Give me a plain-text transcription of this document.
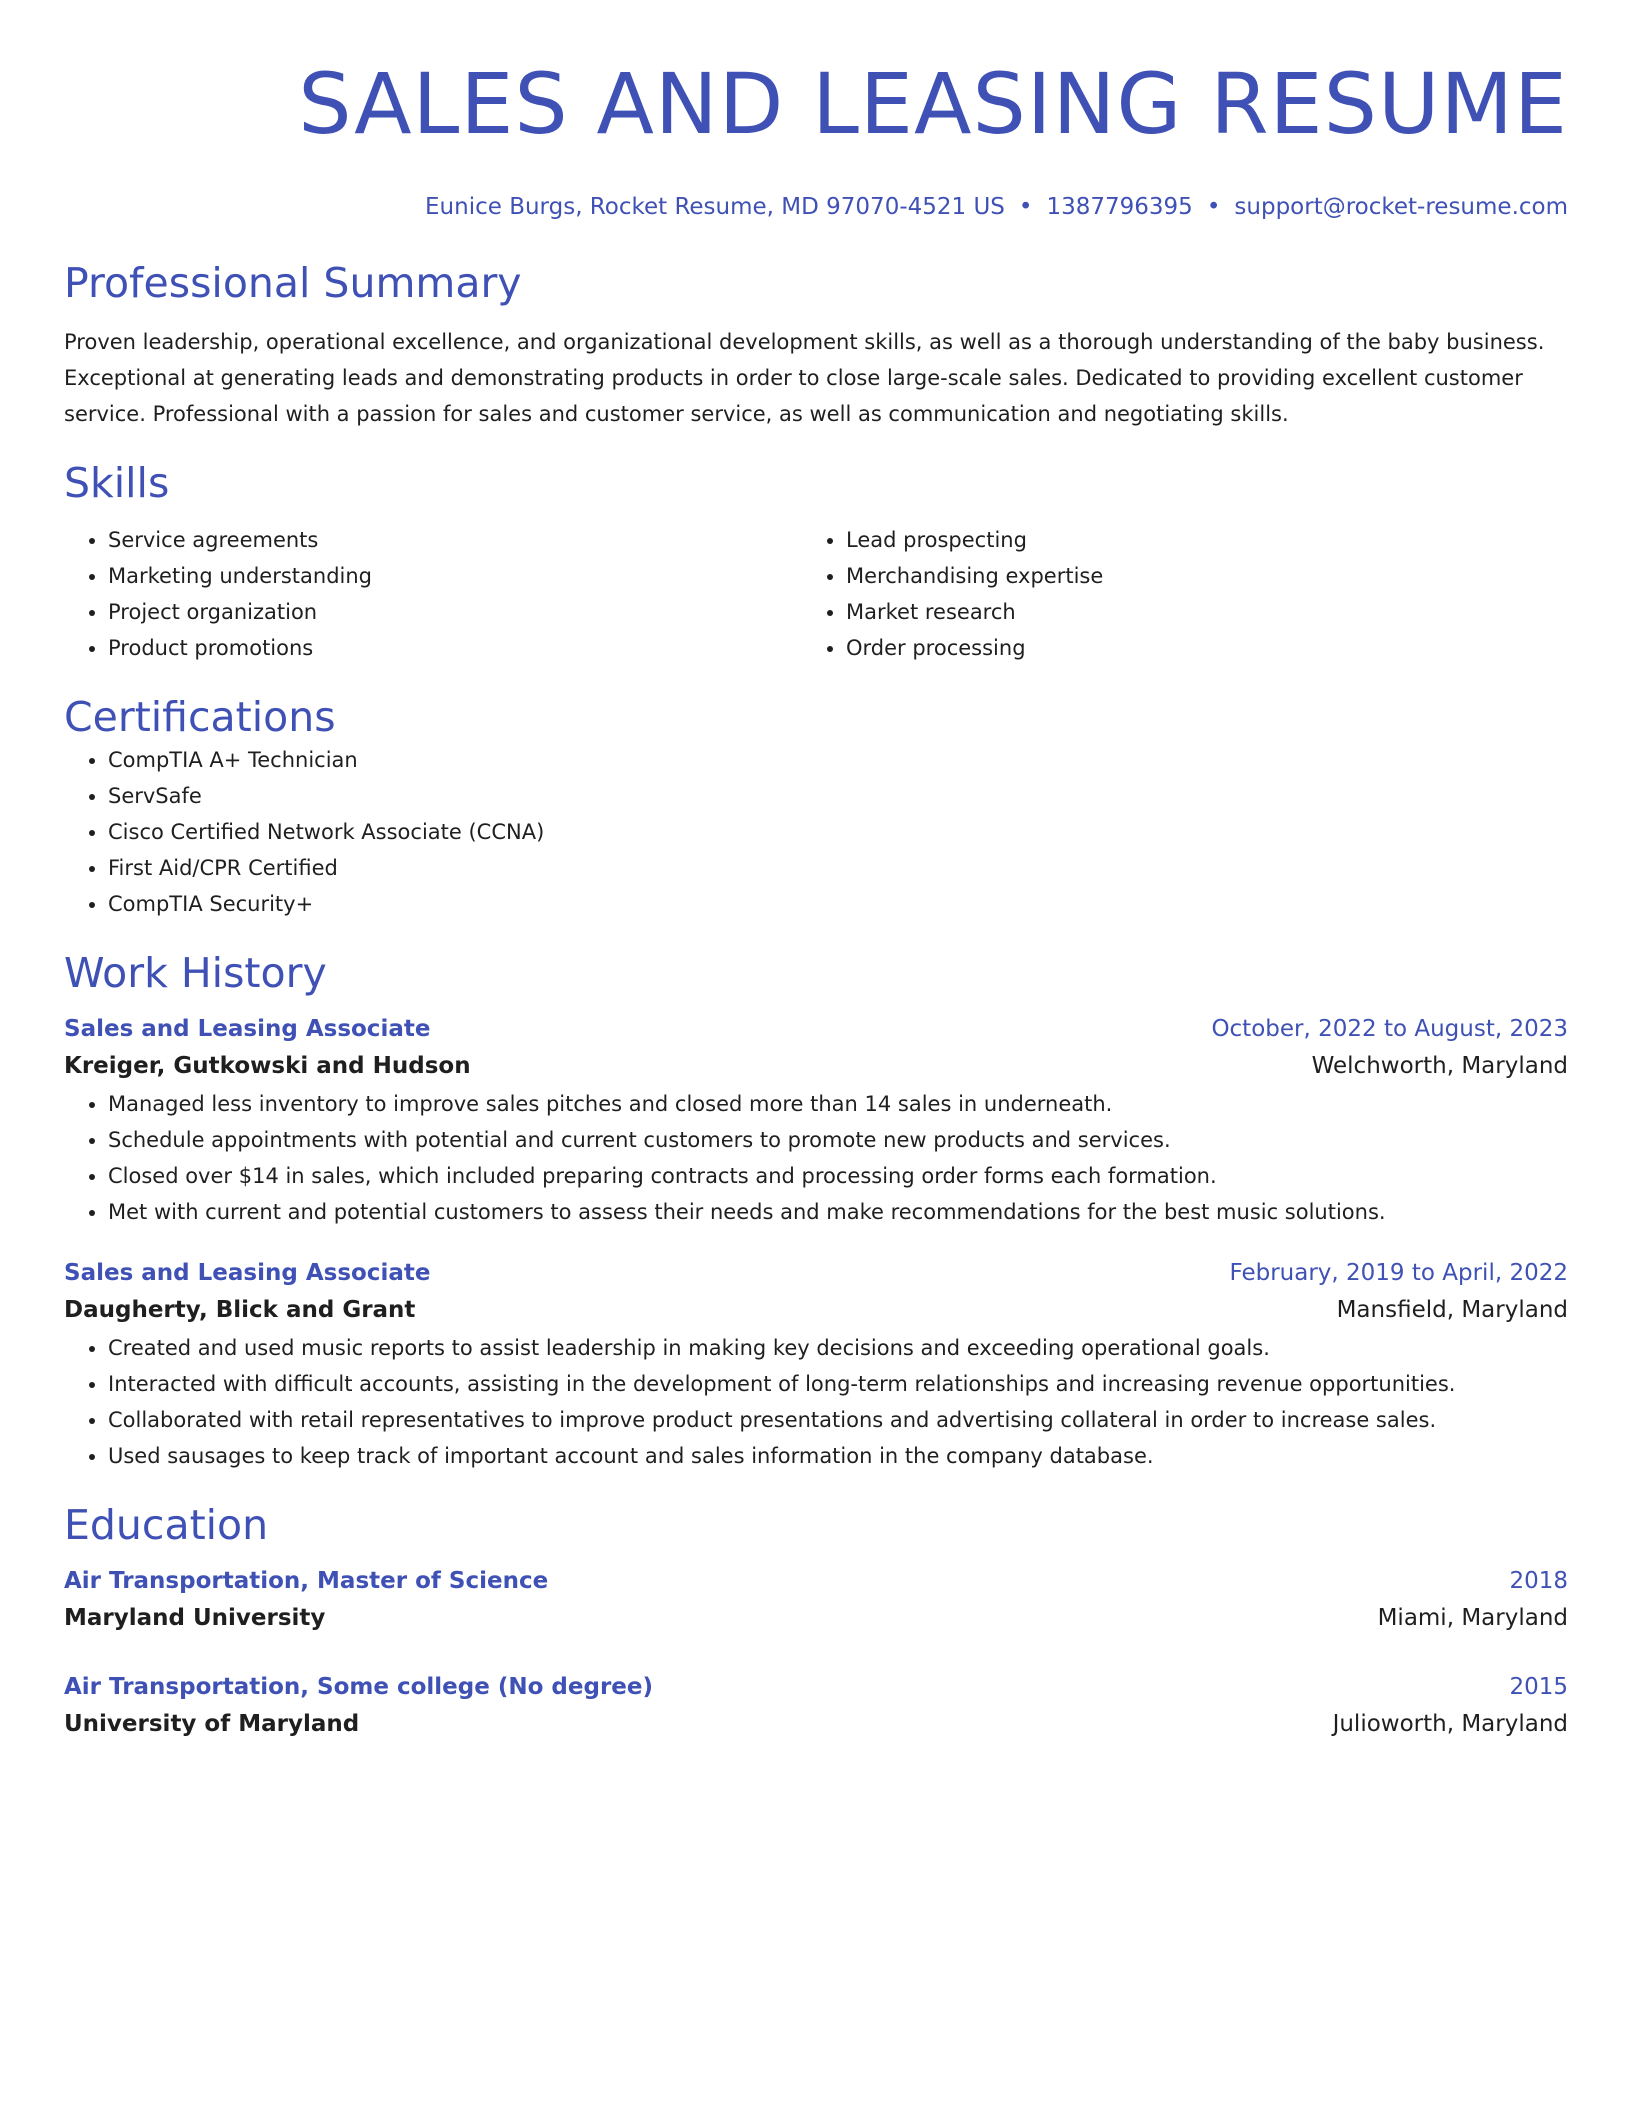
SALES AND LEASING RESUME
Eunice Burgs, Rocket Resume, MD 97070-4521 US • 1387796395 • support@rocket-resume.com
Professional Summary
Proven leadership, operational excellence, and organizational development skills, as well as a thorough understanding of the baby business. Exceptional at generating leads and demonstrating products in order to close large-scale sales. Dedicated to providing excellent customer service. Professional with a passion for sales and customer service, as well as communication and negotiating skills.
Skills
• Service agreements
• Marketing understanding
• Project organization
• Product promotions
• Lead prospecting
• Merchandising expertise
• Market research
• Order processing
Certifications
• CompTIA A+ Technician
• ServSafe
• Cisco Certified Network Associate (CCNA)
• First Aid/CPR Certified
• CompTIA Security+
Work History
Sales and Leasing Associate	October, 2022 to August, 2023
Kreiger, Gutkowski and Hudson	Welchworth, Maryland
• Managed less inventory to improve sales pitches and closed more than 14 sales in underneath.
• Schedule appointments with potential and current customers to promote new products and services.
• Closed over $14 in sales, which included preparing contracts and processing order forms each formation.
• Met with current and potential customers to assess their needs and make recommendations for the best music solutions.
Sales and Leasing Associate	February, 2019 to April, 2022
Daugherty, Blick and Grant	Mansfield, Maryland
• Created and used music reports to assist leadership in making key decisions and exceeding operational goals.
• Interacted with difficult accounts, assisting in the development of long-term relationships and increasing revenue opportunities.
• Collaborated with retail representatives to improve product presentations and advertising collateral in order to increase sales.
• Used sausages to keep track of important account and sales information in the company database.
Education
Air Transportation, Master of Science	2018
Maryland University	Miami, Maryland
Air Transportation, Some college (No degree)	2015
University of Maryland	Julioworth, Maryland
